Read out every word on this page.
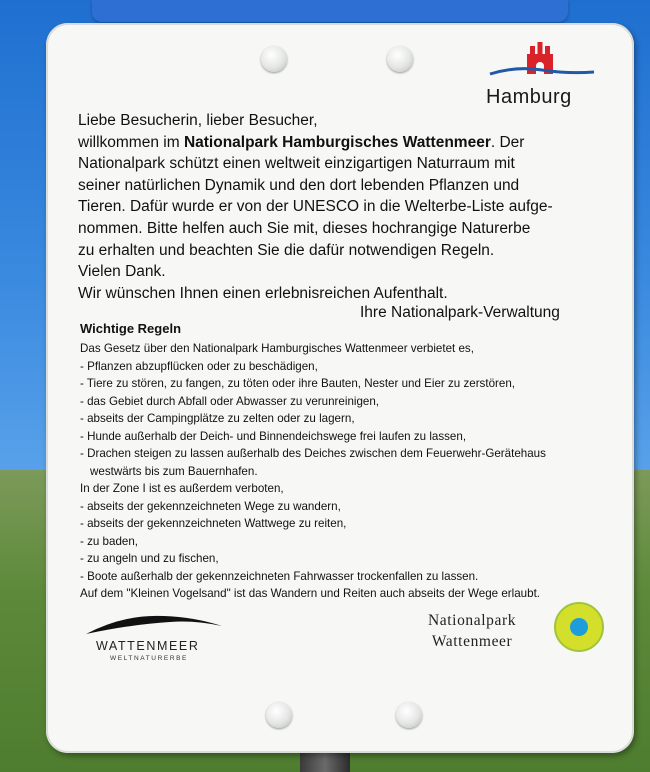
Hamburg
Liebe Besucherin, lieber Besucher,
willkommen im Nationalpark Hamburgisches Wattenmeer. Der
Nationalpark schützt einen weltweit einzigartigen Naturraum mit
seiner natürlichen Dynamik und den dort lebenden Pflanzen und
Tieren. Dafür wurde er von der UNESCO in die Welterbe-Liste aufge-
nommen. Bitte helfen auch Sie mit, dieses hochrangige Naturerbe
zu erhalten und beachten Sie die dafür notwendigen Regeln.
Vielen Dank.
Wir wünschen Ihnen einen erlebnisreichen Aufenthalt.
Ihre Nationalpark-Verwaltung
Wichtige Regeln
Das Gesetz über den Nationalpark Hamburgisches Wattenmeer verbietet es,
- Pflanzen abzupflücken oder zu beschädigen,
- Tiere zu stören, zu fangen, zu töten oder ihre Bauten, Nester und Eier zu zerstören,
- das Gebiet durch Abfall oder Abwasser zu verunreinigen,
- abseits der Campingplätze zu zelten oder zu lagern,
- Hunde außerhalb der Deich- und Binnendeichswege frei laufen zu lassen,
- Drachen steigen zu lassen außerhalb des Deiches zwischen dem Feuerwehr-Gerätehaus
westwärts bis zum Bauernhafen.
In der Zone I ist es außerdem verboten,
- abseits der gekennzeichneten Wege zu wandern,
- abseits der gekennzeichneten Wattwege zu reiten,
- zu baden,
- zu angeln und zu fischen,
- Boote außerhalb der gekennzeichneten Fahrwasser trockenfallen zu lassen.
Auf dem "Kleinen Vogelsand" ist das Wandern und Reiten auch abseits der Wege erlaubt.
WATTENMEER
WELTNATURERBE
Nationalpark
Wattenmeer
